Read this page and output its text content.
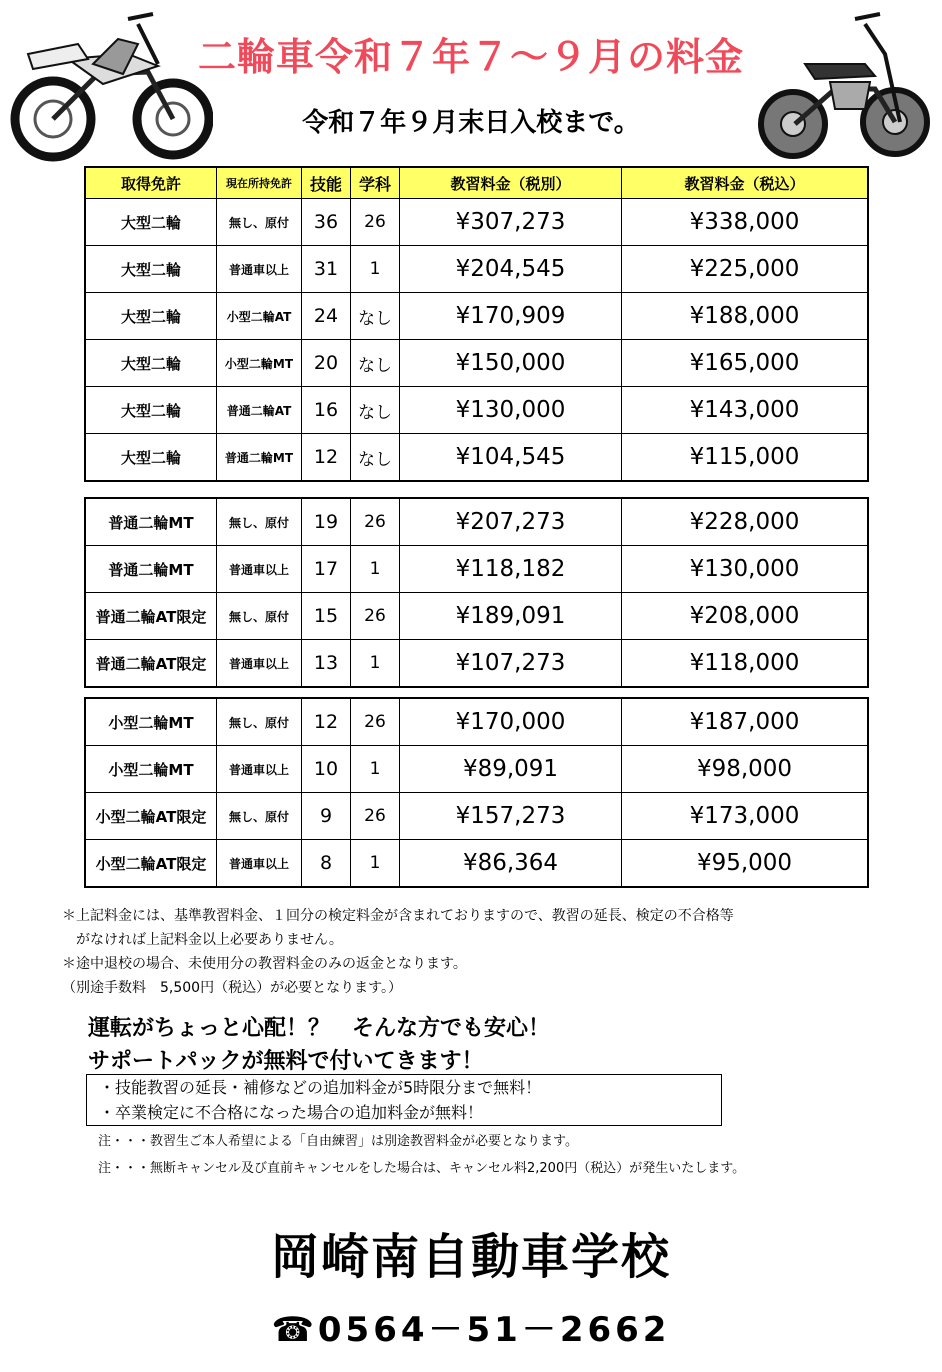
二輪車令和７年７～９月の料金
令和７年９月末日入校まで。
取得免許	現在所持免許	技能	学科	教習料金（税別）	教習料金（税込）
大型二輪	無し、原付	36	26	¥307,273	¥338,000
大型二輪	普通車以上	31	1	¥204,545	¥225,000
大型二輪	小型二輪AT	24	なし	¥170,909	¥188,000
大型二輪	小型二輪MT	20	なし	¥150,000	¥165,000
大型二輪	普通二輪AT	16	なし	¥130,000	¥143,000
大型二輪	普通二輪MT	12	なし	¥104,545	¥115,000
普通二輪MT	無し、原付	19	26	¥207,273	¥228,000
普通二輪MT	普通車以上	17	1	¥118,182	¥130,000
普通二輪AT限定	無し、原付	15	26	¥189,091	¥208,000
普通二輪AT限定	普通車以上	13	1	¥107,273	¥118,000
小型二輪MT	無し、原付	12	26	¥170,000	¥187,000
小型二輪MT	普通車以上	10	1	¥89,091	¥98,000
小型二輪AT限定	無し、原付	9	26	¥157,273	¥173,000
小型二輪AT限定	普通車以上	8	1	¥86,364	¥95,000
＊上記料金には、基準教習料金、１回分の検定料金が含まれておりますので、教習の延長、検定の不合格等
　がなければ上記料金以上必要ありません。
＊途中退校の場合、未使用分の教習料金のみの返金となります。
（別途手数料　5,500円（税込）が必要となります。）
運転がちょっと心配！？　そんな方でも安心！
サポートパックが無料で付いてきます！
・技能教習の延長・補修などの追加料金が5時限分まで無料！
・卒業検定に不合格になった場合の追加料金が無料！
注・・・教習生ご本人希望による「自由練習」は別途教習料金が必要となります。
注・・・無断キャンセル及び直前キャンセルをした場合は、キャンセル料2,200円（税込）が発生いたします。
岡崎南自動車学校
☎0564－51－2662
